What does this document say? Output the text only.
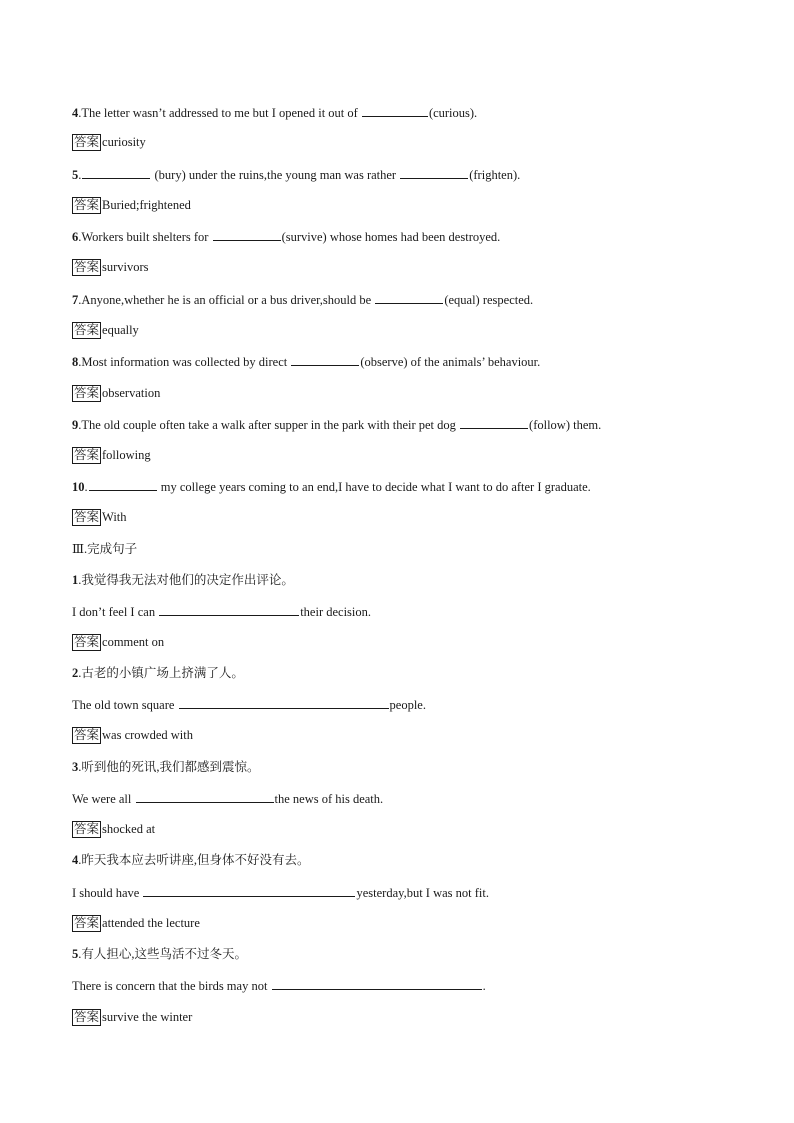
4.The letter wasn’t addressed to me but I opened it out of	(curious).
答案 curiosity
5.	(bury) under the ruins,the young man was rather	(frighten).
答案 Buried;frightened
6.Workers built shelters for	(survive) whose homes had been destroyed.
答案 survivors
7.Anyone,whether he is an official or a bus driver,should be	(equal) respected.
答案 equally
8.Most information was collected by direct	(observe) of the animals’ behaviour.
答案 observation
9.The old couple often take a walk after supper in the park with their pet dog	(follow) them.
答案 following
10.	my college years coming to an end,I have to decide what I want to do after I graduate.
答案 With
Ⅲ.完成句子
1.我觉得我无法对他们的决定作出评论。
I don’t feel I can	their decision.
答案 comment on
2.古老的小镇广场上挤满了人。
The old town square	people.
答案 was crowded with
3.听到他的死讯,我们都感到震惊。
We were all	the news of his death.
答案 shocked at
4.昨天我本应去听讲座,但身体不好没有去。
I should have	yesterday,but I was not fit.
答案 attended the lecture
5.有人担心,这些鸟活不过冬天。
There is concern that the birds may not	.
答案 survive the winter
